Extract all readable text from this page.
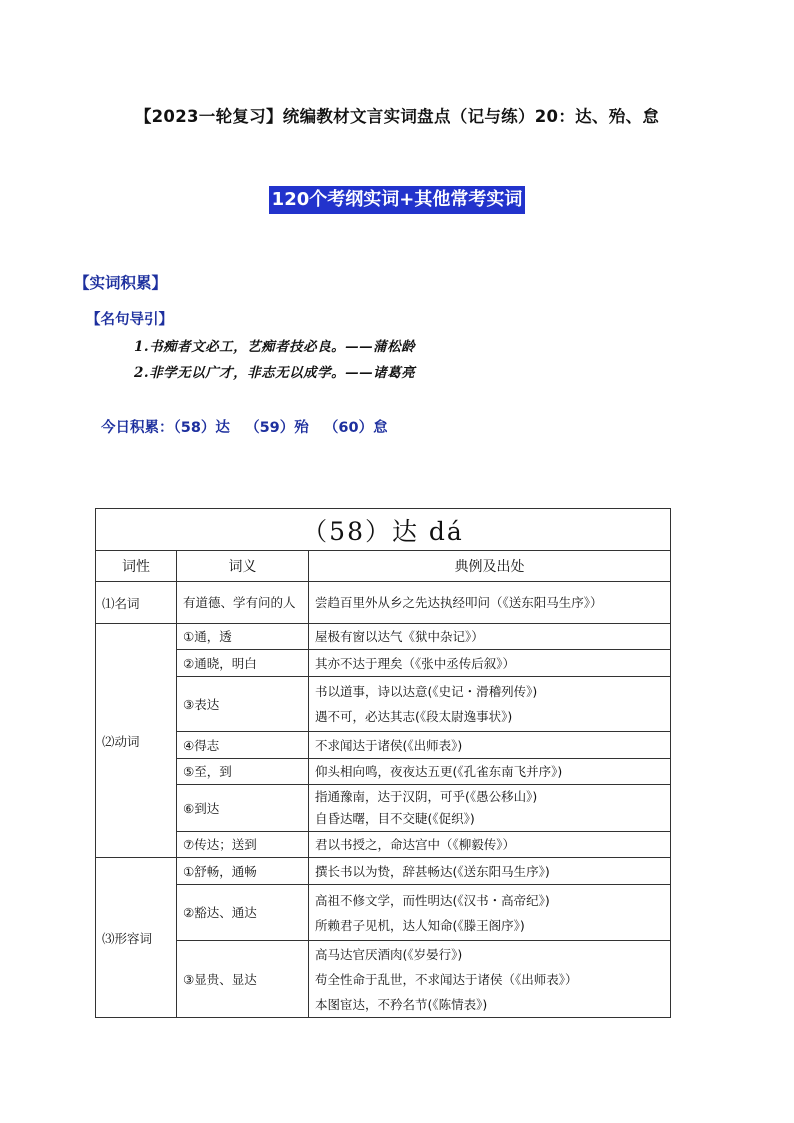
【2023一轮复习】统编教材文言实词盘点（记与练）20：达、殆、怠
120个考纲实词+其他常考实词
【实词积累】
【名句导引】
1.书痴者文必工，艺痴者技必良。——蒲松龄
2.非学无以广才，非志无以成学。——诸葛亮
今日积累：（58）达   （59）殆   （60）怠
（58）达 dá		
词性	词义	典例及出处
⑴名词	有道德、学有问的人	尝趋百里外从乡之先达执经叩问（《送东阳马生序》）

⑵动词	①通，透	屋极有窗以达气《狱中杂记》）

	②通晓，明白	其亦不达于理矣（《张中丞传后叙》）

	③表达	书以道事，诗以达意(《史记・滑稽列传》)
遇不可，必达其志(《段太尉逸事状》)

	④得志	不求闻达于诸侯(《出师表》)

	⑤至，到	仰头相向鸣，夜夜达五更(《孔雀东南飞并序》)

	⑥到达	指通豫南，达于汉阴，可乎(《愚公移山》)
自昏达曙，目不交睫(《促织》)

	⑦传达；送到	君以书授之，命达宫中（《柳毅传》）

⑶形容词	①舒畅，通畅	撰长书以为贽，辞甚畅达(《送东阳马生序》)

	②豁达、通达	高祖不修文学，而性明达(《汉书・高帝纪》)
所赖君子见机，达人知命(《滕王阁序》)

	③显贵、显达	高马达官厌酒肉(《岁晏行》)
苟全性命于乱世，不求闻达于诸侯（《出师表》）
本图宦达，不矜名节(《陈情表》)
